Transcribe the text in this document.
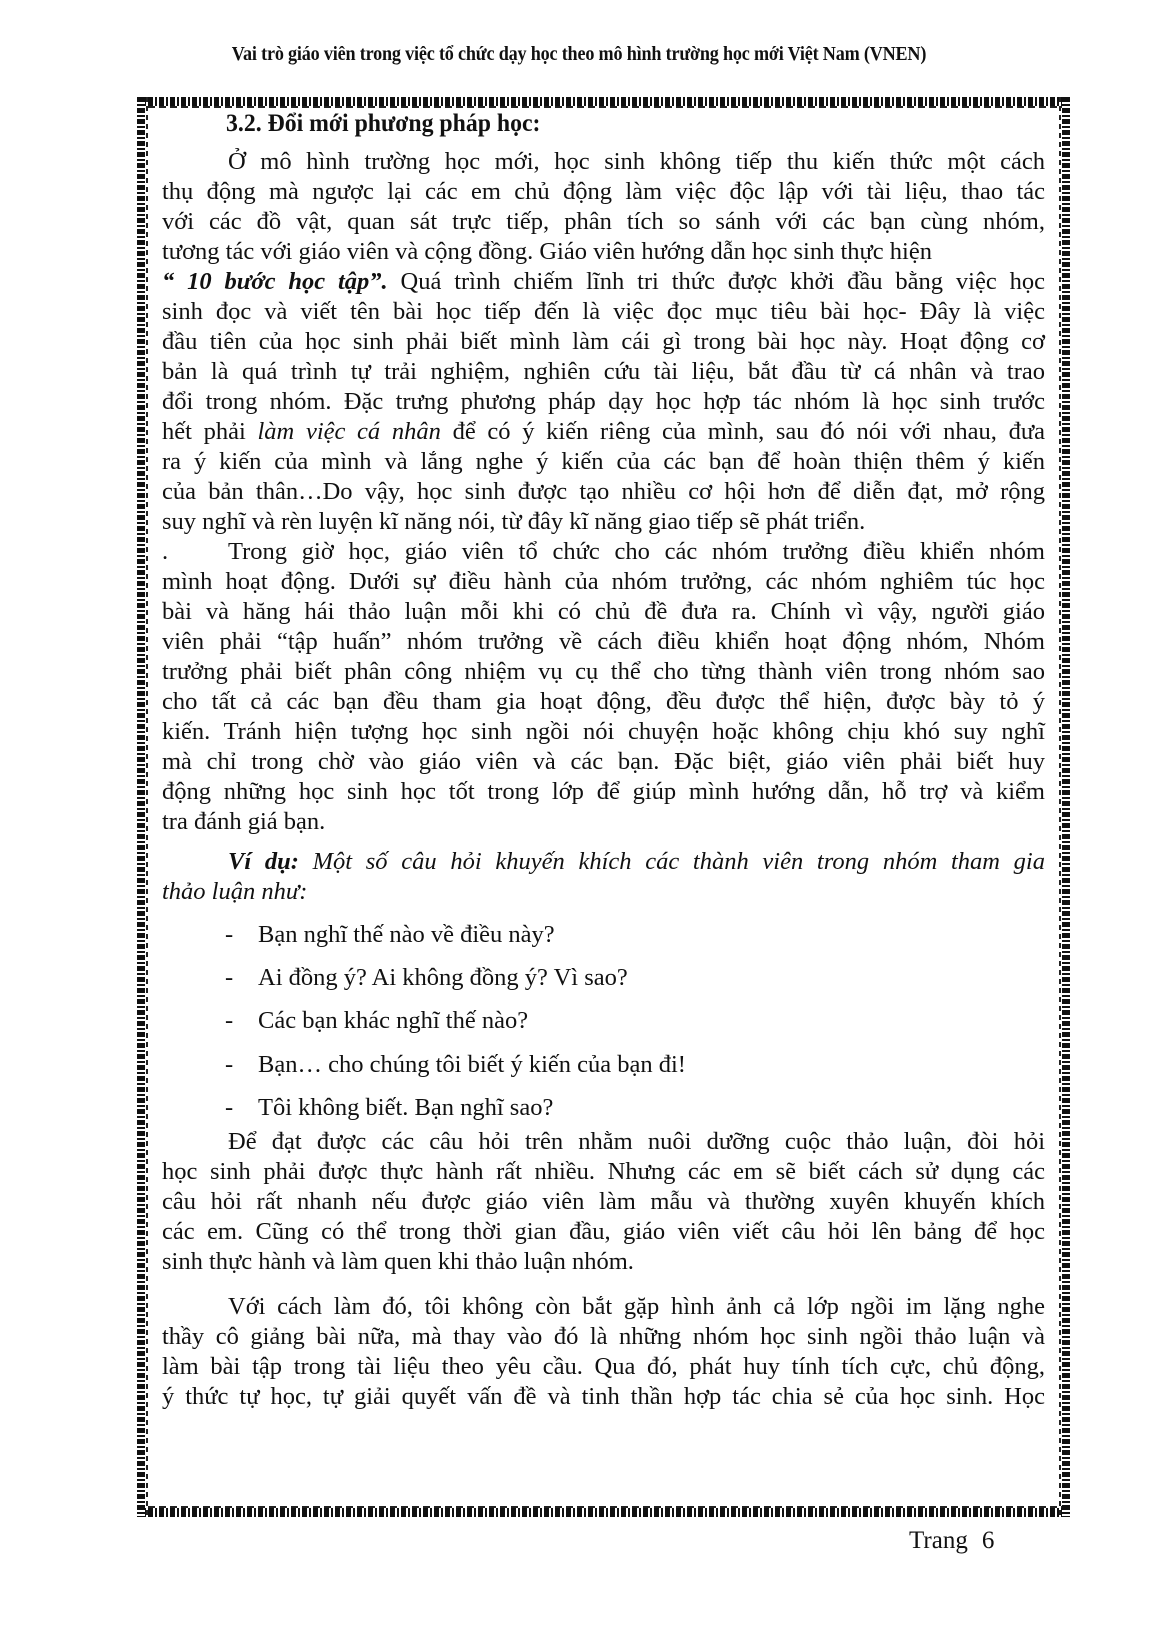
Vai trò giáo viên trong việc tổ chức dạy học theo mô hình trường học mới Việt Nam (VNEN)
3.2. Đổi mới phương pháp học:
Ở mô hình trường học mới, học sinh không tiếp thu kiến thức một cách
thụ động mà ngược lại các em chủ động làm việc độc lập với tài liệu, thao tác
với các đồ vật, quan sát trực tiếp, phân tích so sánh với các bạn cùng nhóm,
tương tác với giáo viên và cộng đồng. Giáo viên hướng dẫn học sinh thực hiện
“ 10 bước học tập”. Quá trình chiếm lĩnh tri thức được khởi đầu bằng việc học
sinh đọc và viết tên bài học tiếp đến là việc đọc mục tiêu bài học- Đây là việc
đầu tiên của học sinh phải biết mình làm cái gì trong bài học này. Hoạt động cơ
bản là quá trình tự trải nghiệm, nghiên cứu tài liệu, bắt đầu từ cá nhân và trao
đổi trong nhóm. Đặc trưng phương pháp dạy học hợp tác nhóm là học sinh trước
hết phải làm việc cá nhân để có ý kiến riêng của mình, sau đó nói với nhau, đưa
ra ý kiến của mình và lắng nghe ý kiến của các bạn để hoàn thiện thêm ý kiến
của bản thân…Do vậy, học sinh được tạo nhiều cơ hội hơn để diễn đạt, mở rộng
suy nghĩ và rèn luyện kĩ năng nói, từ đây kĩ năng giao tiếp sẽ phát triển.
.	Trong giờ học, giáo viên tổ chức cho các nhóm trưởng điều khiển nhóm
mình hoạt động. Dưới sự điều hành của nhóm trưởng, các nhóm nghiêm túc học
bài và hăng hái thảo luận mỗi khi có chủ đề đưa ra. Chính vì vậy, người giáo
viên phải “tập huấn” nhóm trưởng về cách điều khiển hoạt động nhóm, Nhóm
trưởng phải biết phân công nhiệm vụ cụ thể cho từng thành viên trong nhóm sao
cho tất cả các bạn đều tham gia hoạt động, đều được thể hiện, được bày tỏ ý
kiến. Tránh hiện tượng học sinh ngồi nói chuyện hoặc không chịu khó suy nghĩ
mà chỉ trong chờ vào giáo viên và các bạn. Đặc biệt, giáo viên phải biết huy
động những học sinh học tốt trong lớp để giúp mình hướng dẫn, hỗ trợ và kiểm
tra đánh giá bạn.
Ví dụ: Một số câu hỏi khuyến khích các thành viên trong nhóm tham gia
thảo luận như:
- Bạn nghĩ thế nào về điều này?
- Ai đồng ý? Ai không đồng ý? Vì sao?
- Các bạn khác nghĩ thế nào?
- Bạn… cho chúng tôi biết ý kiến của bạn đi!
- Tôi không biết. Bạn nghĩ sao?
Để đạt được các câu hỏi trên nhằm nuôi dưỡng cuộc thảo luận, đòi hỏi
học sinh phải được thực hành rất nhiều. Nhưng các em sẽ biết cách sử dụng các
câu hỏi rất nhanh nếu được giáo viên làm mẫu và thường xuyên khuyến khích
các em. Cũng có thể trong thời gian đầu, giáo viên viết câu hỏi lên bảng để học
sinh thực hành và làm quen khi thảo luận nhóm.
Với cách làm đó, tôi không còn bắt gặp hình ảnh cả lớp ngồi im lặng nghe
thầy cô giảng bài nữa, mà thay vào đó là những nhóm học sinh ngồi thảo luận và
làm bài tập trong tài liệu theo yêu cầu. Qua đó, phát huy tính tích cực, chủ động,
ý thức tự học, tự giải quyết vấn đề và tinh thần hợp tác chia sẻ của học sinh. Học
Trang 6
